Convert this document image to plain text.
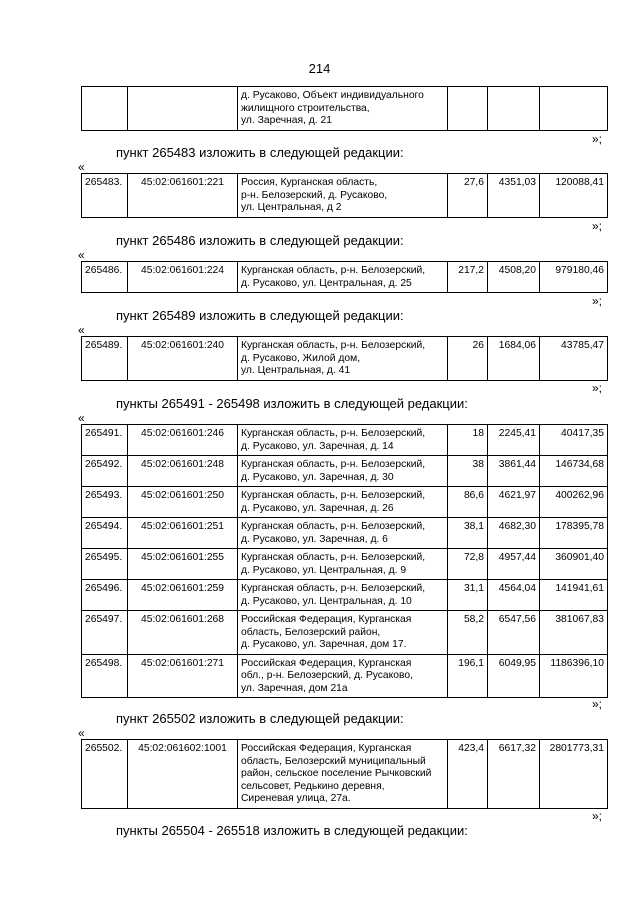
214

д. Русаково, Объект индивидуального
жилищного строительства,
ул. Заречная, д. 21

»;
пункт 265483 изложить в следующей редакции:
«
265483.	45:02:061601:221	Россия, Курганская область,
р-н. Белозерский, д. Русаково,
ул. Центральная, д 2
	27,6	4351,03	120088,41
»;
пункт 265486 изложить в следующей редакции:
«
265486.	45:02:061601:224	Курганская область, р-н. Белозерский,
д. Русаково, ул. Центральная, д. 25
	217,2	4508,20	979180,46
»;
пункт 265489 изложить в следующей редакции:
«
265489.	45:02:061601:240	Курганская область, р-н. Белозерский,
д. Русаково, Жилой дом,
ул. Центральная, д. 41
	26	1684,06	43785,47
»;
пункты 265491 - 265498 изложить в следующей редакции:
«
265491.	45:02:061601:246	Курганская область, р-н. Белозерский,
д. Русаково, ул. Заречная, д. 14	18	2245,41	40417,35
265492.	45:02:061601:248	Курганская область, р-н. Белозерский,
д. Русаково, ул. Заречная, д. 30	38	3861,44	146734,68
265493.	45:02:061601:250	Курганская область, р-н. Белозерский,
д. Русаково, ул. Заречная, д. 26	86,6	4621,97	400262,96
265494.	45:02:061601:251	Курганская область, р-н. Белозерский,
д. Русаково, ул. Заречная, д. 6	38,1	4682,30	178395,78
265495.	45:02:061601:255	Курганская область, р-н. Белозерский,
д. Русаково, ул. Центральная, д. 9	72,8	4957,44	360901,40
265496.	45:02:061601:259	Курганская область, р-н. Белозерский,
д. Русаково, ул. Центральная, д. 10	31,1	4564,04	141941,61
265497.	45:02:061601:268	Российская Федерация, Курганская
область, Белозерский район,
д. Русаково, ул. Заречная, дом 17.	58,2	6547,56	381067,83
265498.	45:02:061601:271	Российская Федерация, Курганская
обл., р-н. Белозерский, д. Русаково,
ул. Заречная, дом 21а	196,1	6049,95	1186396,10
»;
пункт 265502 изложить в следующей редакции:
«
265502.	45:02:061602:1001	Российская Федерация, Курганская
область, Белозерский муниципальный
район, сельское поселение Рычковский
сельсовет, Редькино деревня,
Сиреневая улица, 27а.
	423,4	6617,32	2801773,31
»;
пункты 265504 - 265518 изложить в следующей редакции:
